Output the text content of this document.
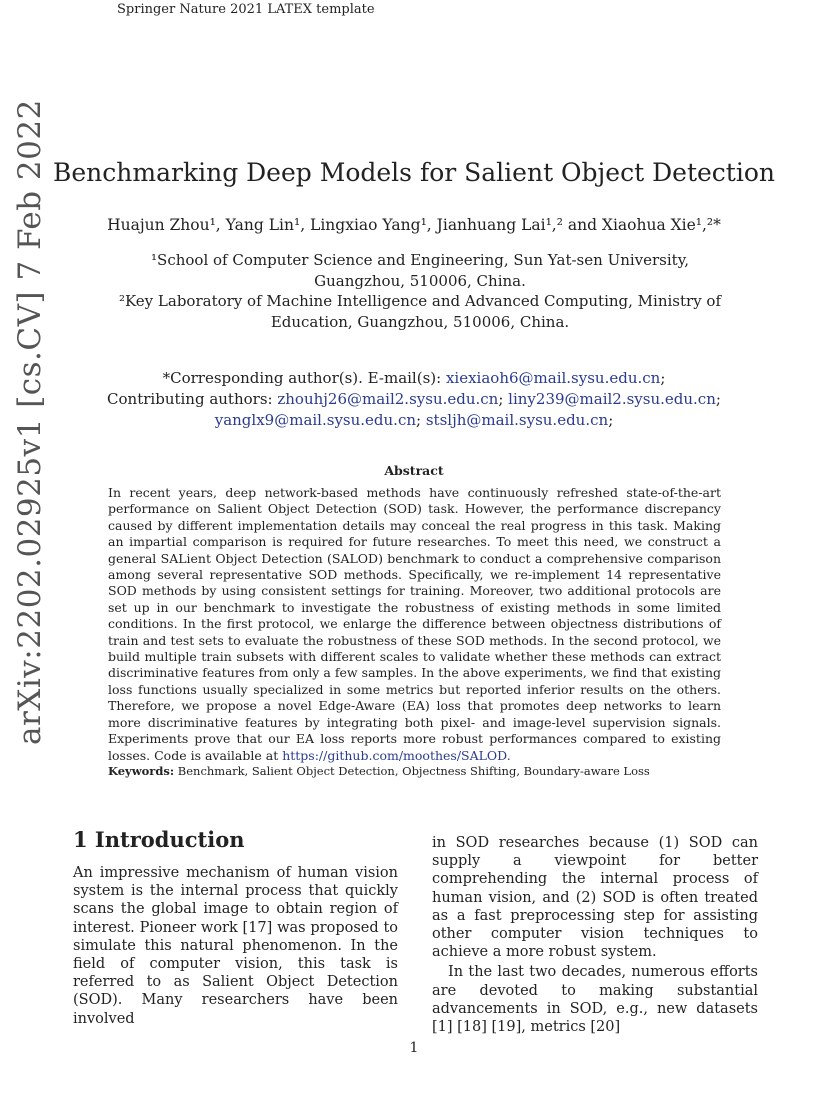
Springer Nature 2021 LATEX template
arXiv:2202.02925v1 [cs.CV] 7 Feb 2022 Benchmarking Deep Models for Salient Object Detection
Huajun Zhou¹, Yang Lin¹, Lingxiao Yang¹, Jianhuang Lai¹,² and Xiaohua Xie¹,²*
¹School of Computer Science and Engineering, Sun Yat-sen University, Guangzhou, 510006, China.
²Key Laboratory of Machine Intelligence and Advanced Computing, Ministry of Education, Guangzhou, 510006, China.
*Corresponding author(s). E-mail(s): xiexiaoh6@mail.sysu.edu.cn;
Contributing authors: zhouhj26@mail2.sysu.edu.cn; liny239@mail2.sysu.edu.cn;
yanglx9@mail.sysu.edu.cn; stsljh@mail.sysu.edu.cn;
Abstract
In recent years, deep network-based methods have continuously refreshed state-of-the-art performance on Salient Object Detection (SOD) task. However, the performance discrepancy caused by different implementation details may conceal the real progress in this task. Making an impartial comparison is required for future researches. To meet this need, we construct a general SALient Object Detection (SALOD) benchmark to conduct a comprehensive comparison among several representative SOD methods. Specifically, we re-implement 14 representative SOD methods by using consistent settings for training. Moreover, two additional protocols are set up in our benchmark to investigate the robustness of existing methods in some limited conditions. In the first protocol, we enlarge the difference between objectness distributions of train and test sets to evaluate the robustness of these SOD methods. In the second protocol, we build multiple train subsets with different scales to validate whether these methods can extract discriminative features from only a few samples. In the above experiments, we find that existing loss functions usually specialized in some metrics but reported inferior results on the others. Therefore, we propose a novel Edge-Aware (EA) loss that promotes deep networks to learn more discriminative features by integrating both pixel- and image-level supervision signals. Experiments prove that our EA loss reports more robust performances compared to existing losses. Code is available at https://github.com/moothes/SALOD.
Keywords: Benchmark, Salient Object Detection, Objectness Shifting, Boundary-aware Loss
1 Introduction
An impressive mechanism of human vision system is the internal process that quickly scans the global image to obtain region of interest. Pioneer work [17] was proposed to simulate this natural phenomenon. In the field of computer vision, this task is referred to as Salient Object Detection (SOD). Many researchers have been involved
in SOD researches because (1) SOD can supply a viewpoint for better comprehending the internal process of human vision, and (2) SOD is often treated as a fast preprocessing step for assisting other computer vision techniques to achieve a more robust system.
In the last two decades, numerous efforts are devoted to making substantial advancements in SOD, e.g., new datasets [1] [18] [19], metrics [20]
1
